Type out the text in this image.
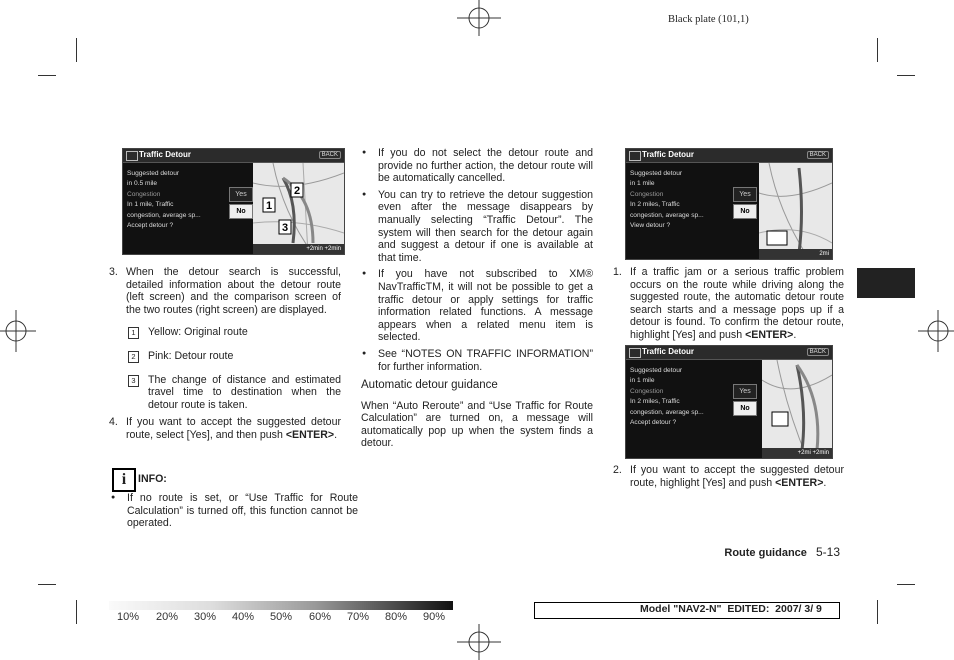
Black plate (101,1)
Traffic Detour	BACK
Suggested detour
in 0.5 mile
Congestion
In 1 mile, Traffic
congestion, average sp...
Accept detour ?
Yes
No
2
1
3
+2min +2min

3. When the detour search is successful, detailed information about the detour route (left screen) and the comparison screen of the two routes (right screen) are displayed.

1	Yellow: Original route

2	Pink: Detour route

3	The change of distance and estimated travel time to destination when the detour route is taken.

4. If you want to accept the suggested detour route, select [Yes], and then push <ENTER>.

i	INFO:

● If no route is set, or “Use Traffic for Route Calculation” is turned off, this function cannot be operated.

● If you do not select the detour route and provide no further action, the detour route will be automatically cancelled.

● You can try to retrieve the detour suggestion even after the message disappears by manually selecting “Traffic Detour”. The system will then search for the detour again and suggest a detour if one is available at that time.

● If you have not subscribed to XM® NavTrafficTM, it will not be possible to get a traffic detour or apply settings for traffic information related functions. A message appears when a related menu item is selected.

● See “NOTES ON TRAFFIC INFORMATION” for further information.

Automatic detour guidance

When “Auto Reroute” and “Use Traffic for Route Calculation” are turned on, a message will automatically pop up when the system finds a detour.

Traffic Detour	BACK
Suggested detour
in 1 mile
Congestion
In 2 miles, Traffic
congestion, average sp...
View detour ?
Yes
No
2mi

1. If a traffic jam or a serious traffic problem occurs on the route while driving along the suggested route, the automatic detour route search starts and a message pops up if a detour is found. To confirm the detour route, highlight [Yes] and push <ENTER>.

Traffic Detour	BACK
Suggested detour
in 1 mile
Congestion
In 2 miles, Traffic
congestion, average sp...
Accept detour ?
Yes
No
+2mi +2min

2. If you want to accept the suggested detour route, highlight [Yes] and push <ENTER>.

Route guidance 5-13
10% 20% 30% 40% 50% 60% 70% 80% 90%
Model "NAV2-N"  EDITED:  2007/ 3/ 9
